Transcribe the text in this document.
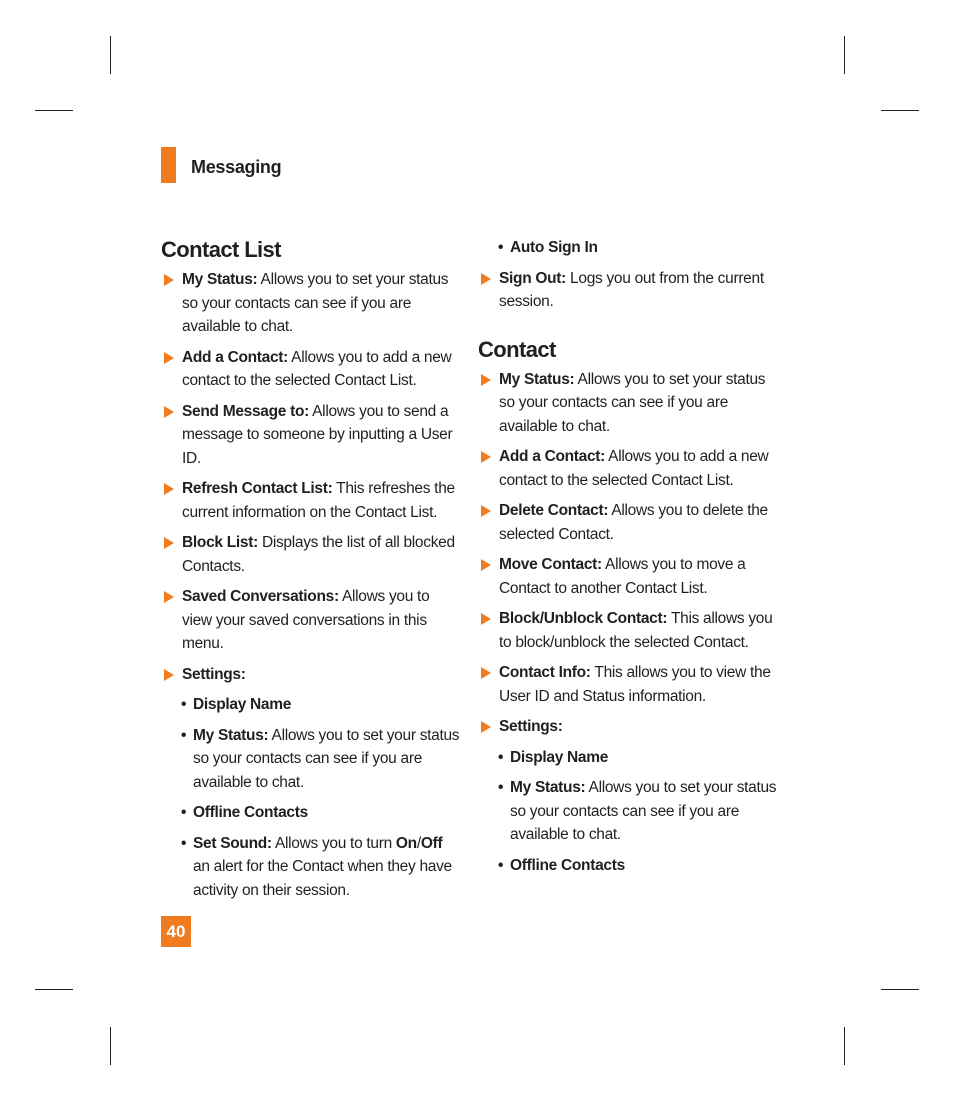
Messaging
Contact List
My Status: Allows you to set your status so your contacts can see if you are available to chat.
Add a Contact: Allows you to add a new contact to the selected Contact List.
Send Message to: Allows you to send a message to someone by inputting a User ID.
Refresh Contact List: This refreshes the current information on the Contact List.
Block List: Displays the list of all blocked Contacts.
Saved Conversations: Allows you to view your saved conversations in this menu.
Settings:
• Display Name
• My Status: Allows you to set your status so your contacts can see if you are available to chat.
• Offline Contacts
• Set Sound: Allows you to turn On/Off an alert for the Contact when they have activity on their session.
• Auto Sign In
Sign Out: Logs you out from the current session.
Contact
My Status: Allows you to set your status so your contacts can see if you are available to chat.
Add a Contact: Allows you to add a new contact to the selected Contact List.
Delete Contact: Allows you to delete the selected Contact.
Move Contact: Allows you to move a Contact to another Contact List.
Block/Unblock Contact: This allows you to block/unblock the selected Contact.
Contact Info: This allows you to view the User ID and Status information.
Settings:
• Display Name
• My Status: Allows you to set your status so your contacts can see if you are available to chat.
• Offline Contacts
40
